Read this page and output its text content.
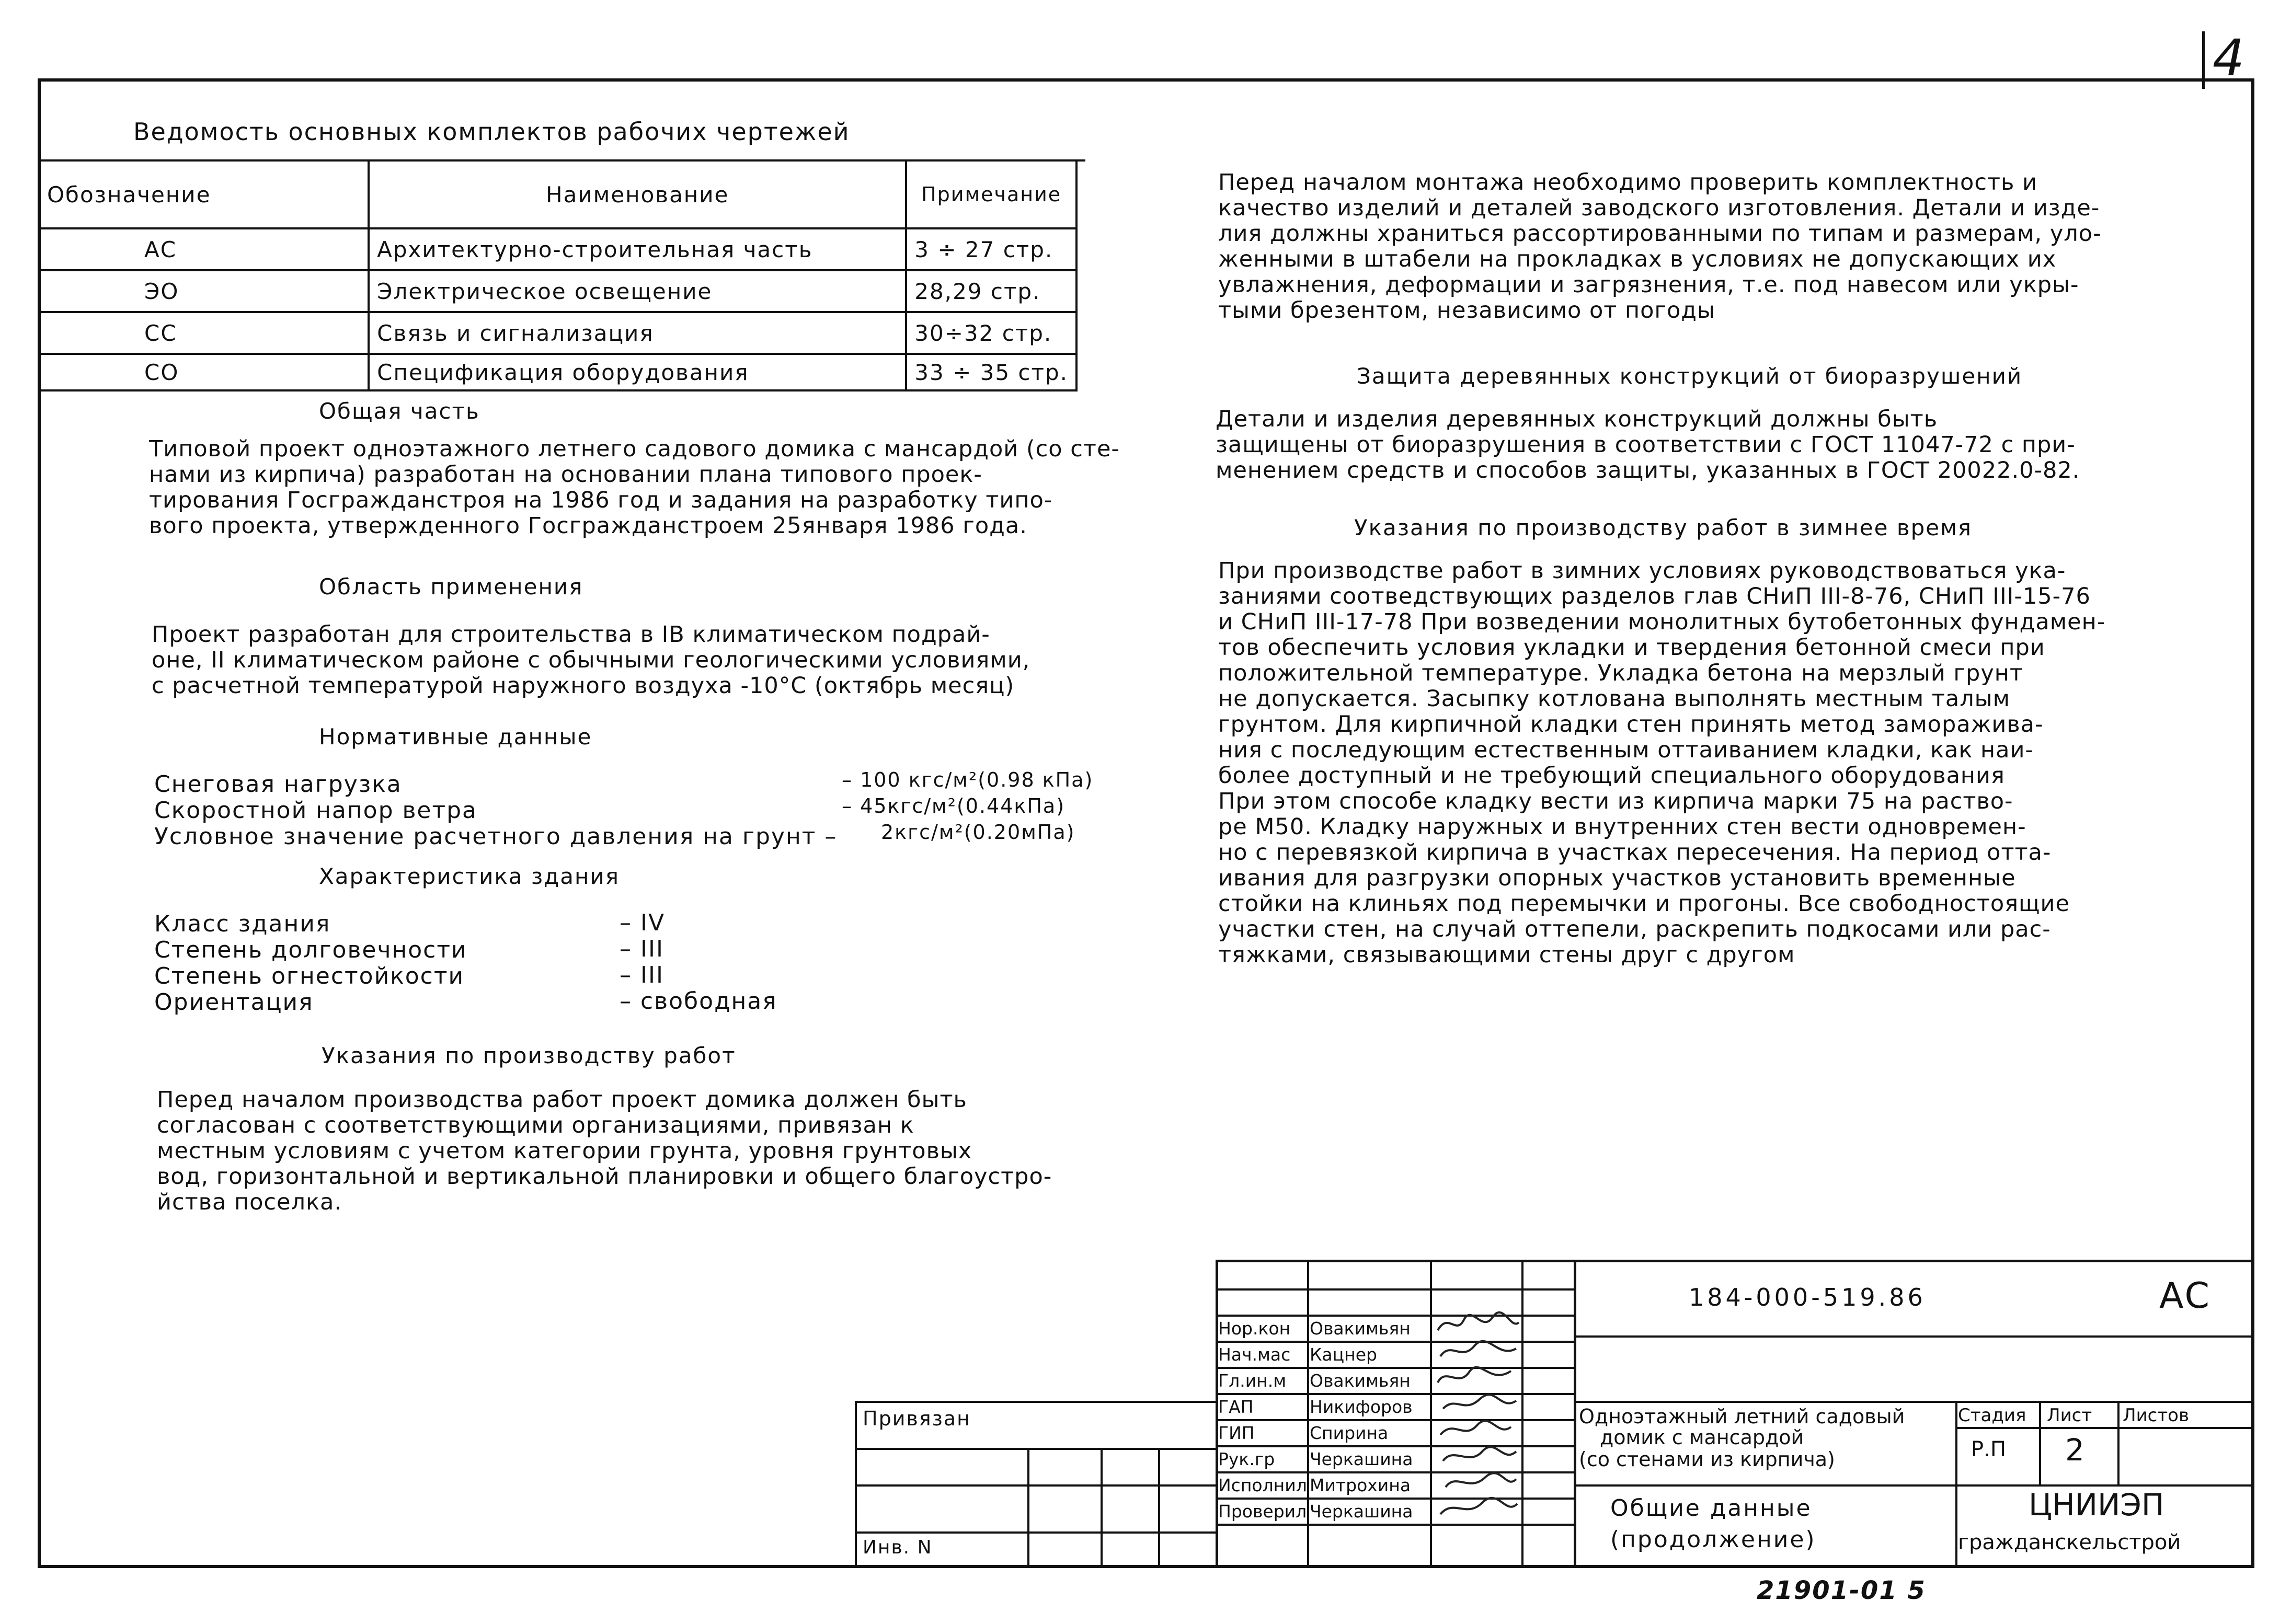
4
Ведомость основных комплектов рабочих чертежей
Обозначение	Наименование	Примечание
АС	Архитектурно-строительная часть	3 ÷ 27 стр.
ЭО	Электрическое освещение	28,29 стр.
СС	Связь и сигнализация	30÷32 стр.
СО	Спецификация оборудования	33 ÷ 35 стр.
Общая часть
Типовой проект одноэтажного летнего садового домика с мансардой (со сте-
нами из кирпича) разработан на основании плана типового проек-
тирования Госгражданстроя на 1986 год и задания на разработку типо-
вого проекта, утвержденного Госгражданстроем 25января 1986 года.
Область применения
Проект разработан для строительства в IВ климатическом подрай-
оне, II климатическом районе с обычными геологическими условиями,
с расчетной температурой наружного воздуха -10°С (октябрь месяц)
Нормативные данные
Снеговая нагрузка	– 100 кгс/м²(0.98 кПа)
Скоростной напор ветра	– 45кгс/м²(0.44кПа)
Условное значение расчетного давления на грунт – 2кгс/м²(0.20мПа)
Характеристика здания
Класс здания	– IV
Степень долговечности	– III
Степень огнестойкости	– III
Ориентация	– свободная
Указания по производству работ
Перед началом производства работ проект домика должен быть
согласован с соответствующими организациями, привязан к
местным условиям с учетом категории грунта, уровня грунтовых
вод, горизонтальной и вертикальной планировки и общего благоустро-
йства поселка.
Перед началом монтажа необходимо проверить комплектность и
качество изделий и деталей заводского изготовления. Детали и изде-
лия должны храниться рассортированными по типам и размерам, уло-
женными в штабели на прокладках в условиях не допускающих их
увлажнения, деформации и загрязнения, т.е. под навесом или укры-
тыми брезентом, независимо от погоды
Защита деревянных конструкций от биоразрушений
Детали и изделия деревянных конструкций должны быть
защищены от биоразрушения в соответствии с ГОСТ 11047-72 с при-
менением средств и способов защиты, указанных в ГОСТ 20022.0-82.
Указания по производству работ в зимнее время
При производстве работ в зимних условиях руководствоваться ука-
заниями соотведствующих разделов глав СНиП III-8-76, СНиП III-15-76
и СНиП III-17-78 При возведении монолитных бутобетонных фундамен-
тов обеспечить условия укладки и твердения бетонной смеси при
положительной температуре. Укладка бетона на мерзлый грунт
не допускается. Засыпку котлована выполнять местным талым
грунтом. Для кирпичной кладки стен принять метод заморажива-
ния с последующим естественным оттаиванием кладки, как наи-
более доступный и не требующий специального оборудования
При этом способе кладку вести из кирпича марки 75 на раство-
ре М50. Кладку наружных и внутренних стен вести одновремен-
но с перевязкой кирпича в участках пересечения. На период отта-
ивания для разгрузки опорных участков установить временные
стойки на клиньях под перемычки и прогоны. Все свободностоящие
участки стен, на случай оттепели, раскрепить подкосами или рас-
тяжками, связывающими стены друг с другом
Привязан
Инв. N
Нор.кон Овакимьян
Нач.мас Кацнер
Гл.ин.м Овакимьян
ГАП	Никифоров
ГИП	Спирина
Рук.гр Черкашина
Исполнил Митрохина
Проверил Черкашина
184-000-519.86	АС
Одноэтажный летний садовый
домик с мансардой
(со стенами из кирпича)
Стадия Лист Листов
Р.П 2
Общие данные
(продолжение)
ЦНИИЭП
гражданскельстрой
21901-01 5
